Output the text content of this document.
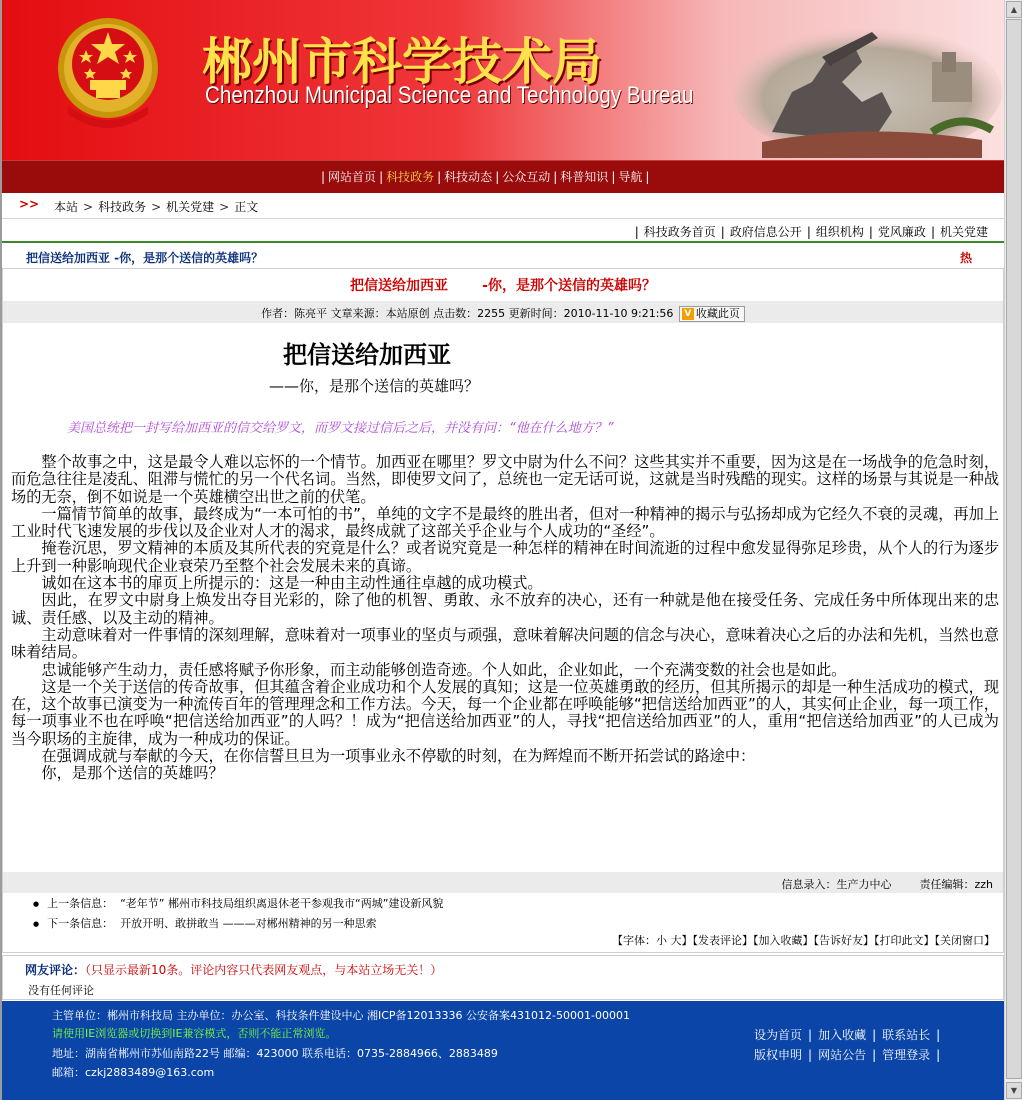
郴州市科学技术局
Chenzhou Municipal Science and Technology Bureau
| 网站首页 | 科技政务 | 科技动态 | 公众互动 | 科普知识 | 导航 |
>> 本站 > 科技政务 > 机关党建 > 正文
| 科技政务首页 | 政府信息公开 | 组织机构 | 党风廉政 | 机关党建
把信送给加西亚 -你，是那个送信的英雄吗？	热
把信送给加西亚       -你，是那个送信的英雄吗？
作者：陈亮平 文章来源：本站原创 点击数：2255 更新时间：2010-11-10 9:21:56 V 收藏此页
把信送给加西亚
——你，是那个送信的英雄吗？
美国总统把一封写给加西亚的信交给罗文，而罗文接过信后之后，并没有问：“他在什么地方？”

整个故事之中，这是最令人难以忘怀的一个情节。加西亚在哪里？罗文中尉为什么不问？这些其实并不重要，因为这是在一场战争的危急时刻，而危急往往是凌乱、阻滞与慌忙的另一个代名词。当然，即使罗文问了，总统也一定无话可说，这就是当时残酷的现实。这样的场景与其说是一种战场的无奈，倒不如说是一个英雄横空出世之前的伏笔。

一篇情节简单的故事，最终成为“一本可怕的书”，单纯的文字不是最终的胜出者，但对一种精神的揭示与弘扬却成为它经久不衰的灵魂，再加上工业时代飞速发展的步伐以及企业对人才的渴求，最终成就了这部关乎企业与个人成功的“圣经”。

掩卷沉思，罗文精神的本质及其所代表的究竟是什么？或者说究竟是一种怎样的精神在时间流逝的过程中愈发显得弥足珍贵，从个人的行为逐步上升到一种影响现代企业衰荣乃至整个社会发展未来的真谛。

诚如在这本书的扉页上所提示的：这是一种由主动性通往卓越的成功模式。

因此，在罗文中尉身上焕发出夺目光彩的，除了他的机智、勇敢、永不放弃的决心，还有一种就是他在接受任务、完成任务中所体现出来的忠诚、责任感、以及主动的精神。

主动意味着对一件事情的深刻理解，意味着对一项事业的坚贞与顽强，意味着解决问题的信念与决心，意味着决心之后的办法和先机，当然也意味着结局。

忠诚能够产生动力，责任感将赋予你形象，而主动能够创造奇迹。个人如此，企业如此，一个充满变数的社会也是如此。

这是一个关于送信的传奇故事，但其蕴含着企业成功和个人发展的真知；这是一位英雄勇敢的经历，但其所揭示的却是一种生活成功的模式，现在，这个故事已演变为一种流传百年的管理理念和工作方法。今天，每一个企业都在呼唤能够“把信送给加西亚”的人，其实何止企业，每一项工作，每一项事业不也在呼唤“把信送给加西亚”的人吗？！成为“把信送给加西亚”的人，寻找“把信送给加西亚”的人，重用“把信送给加西亚”的人已成为当今职场的主旋律，成为一种成功的保证。

在强调成就与奉献的今天，在你信誓旦旦为一项事业永不停歇的时刻，在为辉煌而不断开拓尝试的路途中：

你，是那个送信的英雄吗？

信息录入：生产力中心	责任编辑：zzh
● 上一条信息： “老年节” 郴州市科技局组织离退休老干参观我市“两城”建设新风貌
● 下一条信息： 开放开明、敢拼敢当 ———对郴州精神的另一种思索
【字体：小 大】【发表评论】【加入收藏】【告诉好友】【打印此文】【关闭窗口】
网友评论：（只显示最新10条。评论内容只代表网友观点，与本站立场无关！）
没有任何评论
主管单位：郴州市科技局 主办单位：办公室、科技条件建设中心 湘ICP备12013336 公安备案431012-50001-00001
请使用IE浏览器或切换到IE兼容模式，否则不能正常浏览。
地址：湖南省郴州市苏仙南路22号 邮编：423000 联系电话：0735-2884966、2883489
邮箱：czkj2883489@163.com
设为首页 | 加入收藏 | 联系站长 |
版权申明 | 网站公告 | 管理登录 |
▲
▼
